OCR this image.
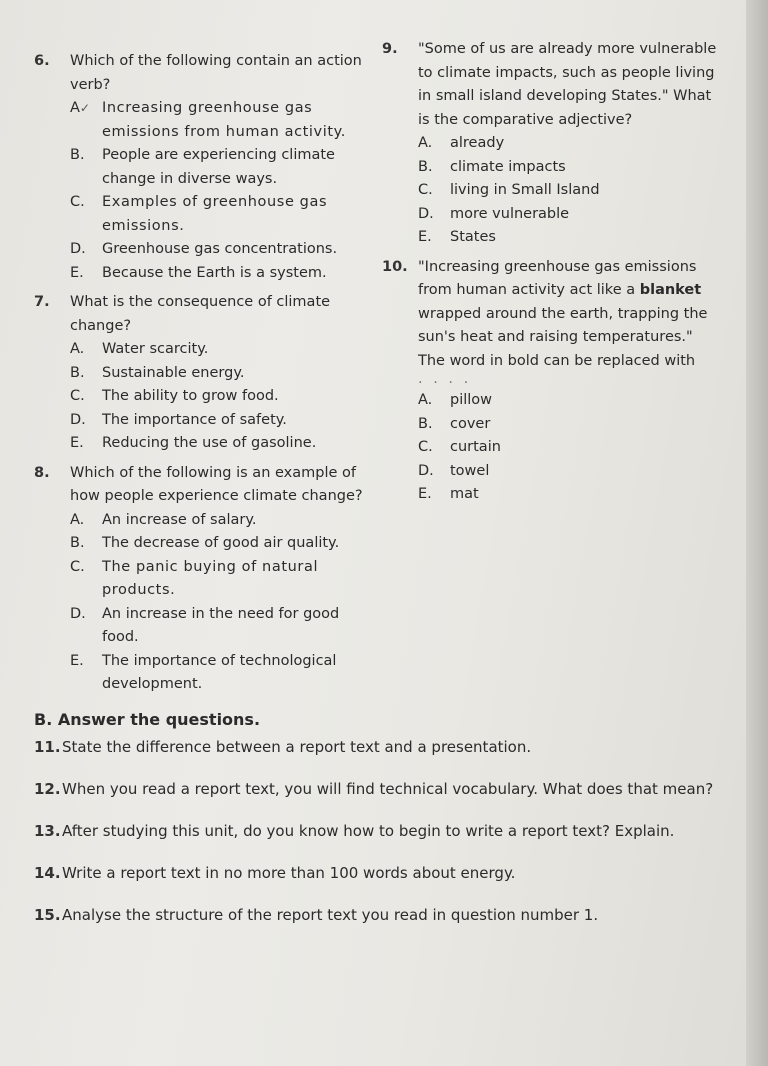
6.	Which of the following contain an action verb?
A✓ Increasing greenhouse gas emissions from human activity.
B.	People are experiencing climate change in diverse ways.
C.	Examples of greenhouse gas emissions.
D.	Greenhouse gas concentrations.
E.	Because the Earth is a system.
7.	What is the consequence of climate change?
A.	Water scarcity.
B.	Sustainable energy.
C.	The ability to grow food.
D.	The importance of safety.
E.	Reducing the use of gasoline.
8.	Which of the following is an example of how people experience climate change?
A.	An increase of salary.
B.	The decrease of good air quality.
C.	The panic buying of natural products.
D.	An increase in the need for good food.
E.	The importance of technological development.
9.	"Some of us are already more vulnerable to climate impacts, such as people living in small island developing States." What is the comparative adjective?
A.	already
B.	climate impacts
C.	living in Small Island
D.	more vulnerable
E.	States
10. "Increasing greenhouse gas emissions from human activity act like a blanket wrapped around the earth, trapping the sun's heat and raising temperatures." The word in bold can be replaced with
. . . .
A.	pillow
B.	cover
C.	curtain
D.	towel
E.	mat
B. Answer the questions.
11. State the difference between a report text and a presentation.
12. When you read a report text, you will find technical vocabulary. What does that mean?
13. After studying this unit, do you know how to begin to write a report text? Explain.
14. Write a report text in no more than 100 words about energy.
15. Analyse the structure of the report text you read in question number 1.
